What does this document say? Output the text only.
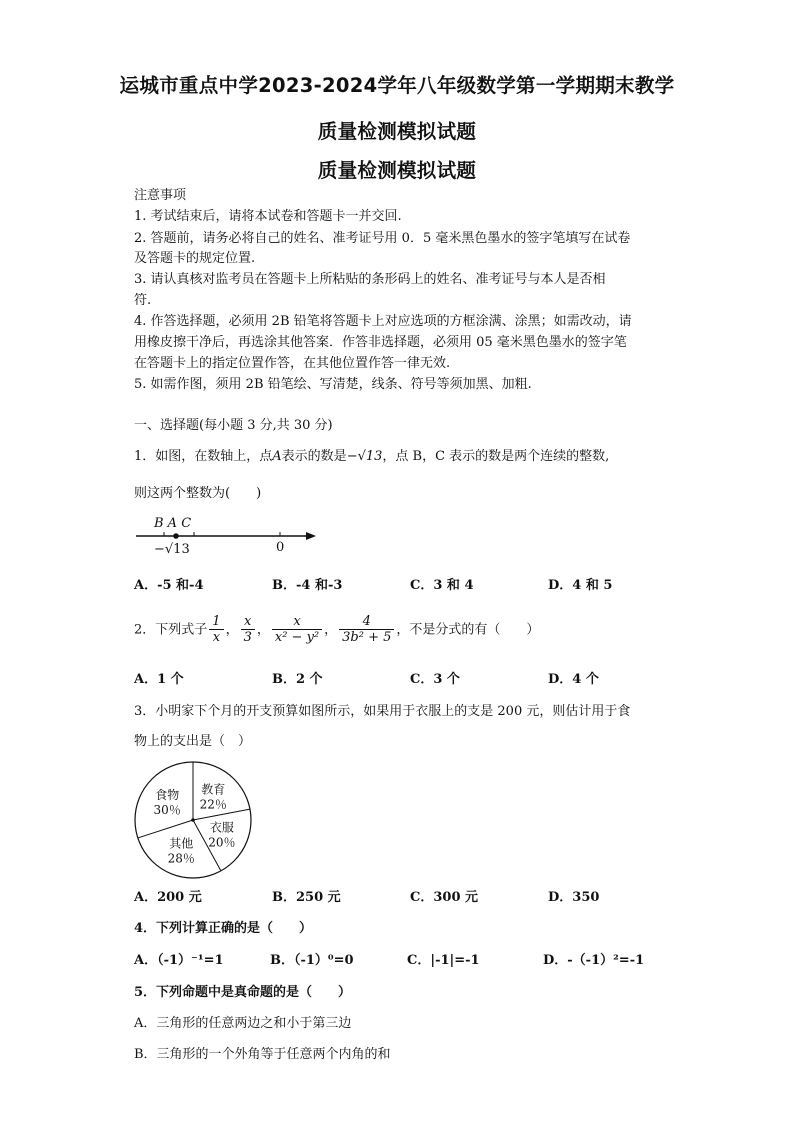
运城市重点中学2023-2024学年八年级数学第一学期期末教学
质量检测模拟试题
质量检测模拟试题
注意事项
1. 考试结束后，请将本试卷和答题卡一并交回.
2. 答题前，请务必将自己的姓名、准考证号用 0．5 毫米黑色墨水的签字笔填写在试卷
及答题卡的规定位置.
3. 请认真核对监考员在答题卡上所粘贴的条形码上的姓名、准考证号与本人是否相
符.
4. 作答选择题，必须用 2B 铅笔将答题卡上对应选项的方框涂满、涂黑；如需改动，请
用橡皮擦干净后，再选涂其他答案．作答非选择题，必须用 05 毫米黑色墨水的签字笔
在答题卡上的指定位置作答，在其他位置作答一律无效.
5. 如需作图，须用 2B 铅笔绘、写清楚，线条、符号等须加黑、加粗.
一、选择题(每小题 3 分,共 30 分)
1．如图，在数轴上，点A表示的数是−√13，点 B，C 表示的数是两个连续的整数,
则这两个整数为(　　)
B A C
−√13	0
A．-5 和-4	B．-4 和-3	C．3 和 4	D．4 和 5
2．下列式子 $\frac{1}{x}$ ， $\frac{x}{3}$ ， $\frac{x}{\text{x² − y²}}$ ， $\frac{4}{\text{3b² + 5}}$ ，不是分式的有（　　）
A．1 个	B．2 个	C．3 个	D．4 个
3．小明家下个月的开支预算如图所示，如果用于衣服上的支是 200 元，则估计用于食
物上的支出是（　）
教育
22％
衣服
20％
其他
28％
食物
30％
A．200 元	B．250 元	C．300 元	D．350
4．下列计算正确的是（　　）
A．（-1）⁻¹=1	B．（-1）⁰=0	C．|-1|=-1	D．-（-1）²=-1
5．下列命题中是真命题的是（　　）
A．三角形的任意两边之和小于第三边
B．三角形的一个外角等于任意两个内角的和
